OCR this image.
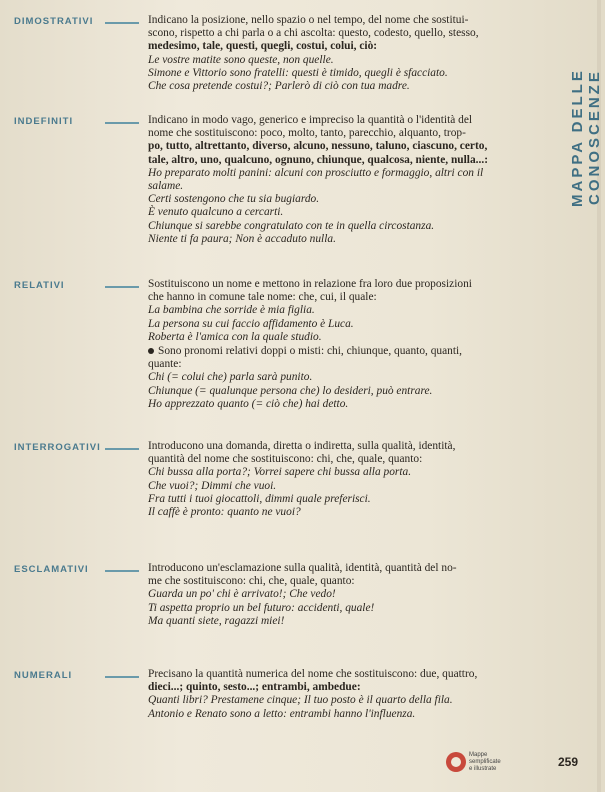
MAPPA DELLE CONOSCENZE
DIMOSTRATIVI	Indicano la posizione, nello spazio o nel tempo, del nome che sostitui-
scono, rispetto a chi parla o a chi ascolta: questo, codesto, quello, stesso,
medesimo, tale, questi, quegli, costui, colui, ciò:
Le vostre matite sono queste, non quelle.
Simone e Vittorio sono fratelli: questi è timido, quegli è sfacciato.
Che cosa pretende costui?; Parlerò di ciò con tua madre.
INDEFINITI	Indicano in modo vago, generico e impreciso la quantità o l'identità del
nome che sostituiscono: poco, molto, tanto, parecchio, alquanto, trop-
po, tutto, altrettanto, diverso, alcuno, nessuno, taluno, ciascuno, certo,
tale, altro, uno, qualcuno, ognuno, chiunque, qualcosa, niente, nulla...:
Ho preparato molti panini: alcuni con prosciutto e formaggio, altri con il
salame.
Certi sostengono che tu sia bugiardo.
È venuto qualcuno a cercarti.
Chiunque si sarebbe congratulato con te in quella circostanza.
Niente ti fa paura; Non è accaduto nulla.
RELATIVI	Sostituiscono un nome e mettono in relazione fra loro due proposizioni
che hanno in comune tale nome: che, cui, il quale:
La bambina che sorride è mia figlia.
La persona su cui faccio affidamento è Luca.
Roberta è l'amica con la quale studio.
Sono pronomi relativi doppi o misti: chi, chiunque, quanto, quanti,
quante:
Chi (= colui che) parla sarà punito.
Chiunque (= qualunque persona che) lo desideri, può entrare.
Ho apprezzato quanto (= ciò che) hai detto.
INTERROGATIVI	Introducono una domanda, diretta o indiretta, sulla qualità, identità,
quantità del nome che sostituiscono: chi, che, quale, quanto:
Chi bussa alla porta?; Vorrei sapere chi bussa alla porta.
Che vuoi?; Dimmi che vuoi.
Fra tutti i tuoi giocattoli, dimmi quale preferisci.
Il caffè è pronto: quanto ne vuoi?
ESCLAMATIVI	Introducono un'esclamazione sulla qualità, identità, quantità del no-
me che sostituiscono: chi, che, quale, quanto:
Guarda un po' chi è arrivato!; Che vedo!
Ti aspetta proprio un bel futuro: accidenti, quale!
Ma quanti siete, ragazzi miei!
NUMERALI	Precisano la quantità numerica del nome che sostituiscono: due, quattro,
dieci...; quinto, sesto...; entrambi, ambedue:
Quanti libri? Prestamene cinque; Il tuo posto è il quarto della fila.
Antonio e Renato sono a letto: entrambi hanno l'influenza.
Mappe
semplificate
e illustrate	259
